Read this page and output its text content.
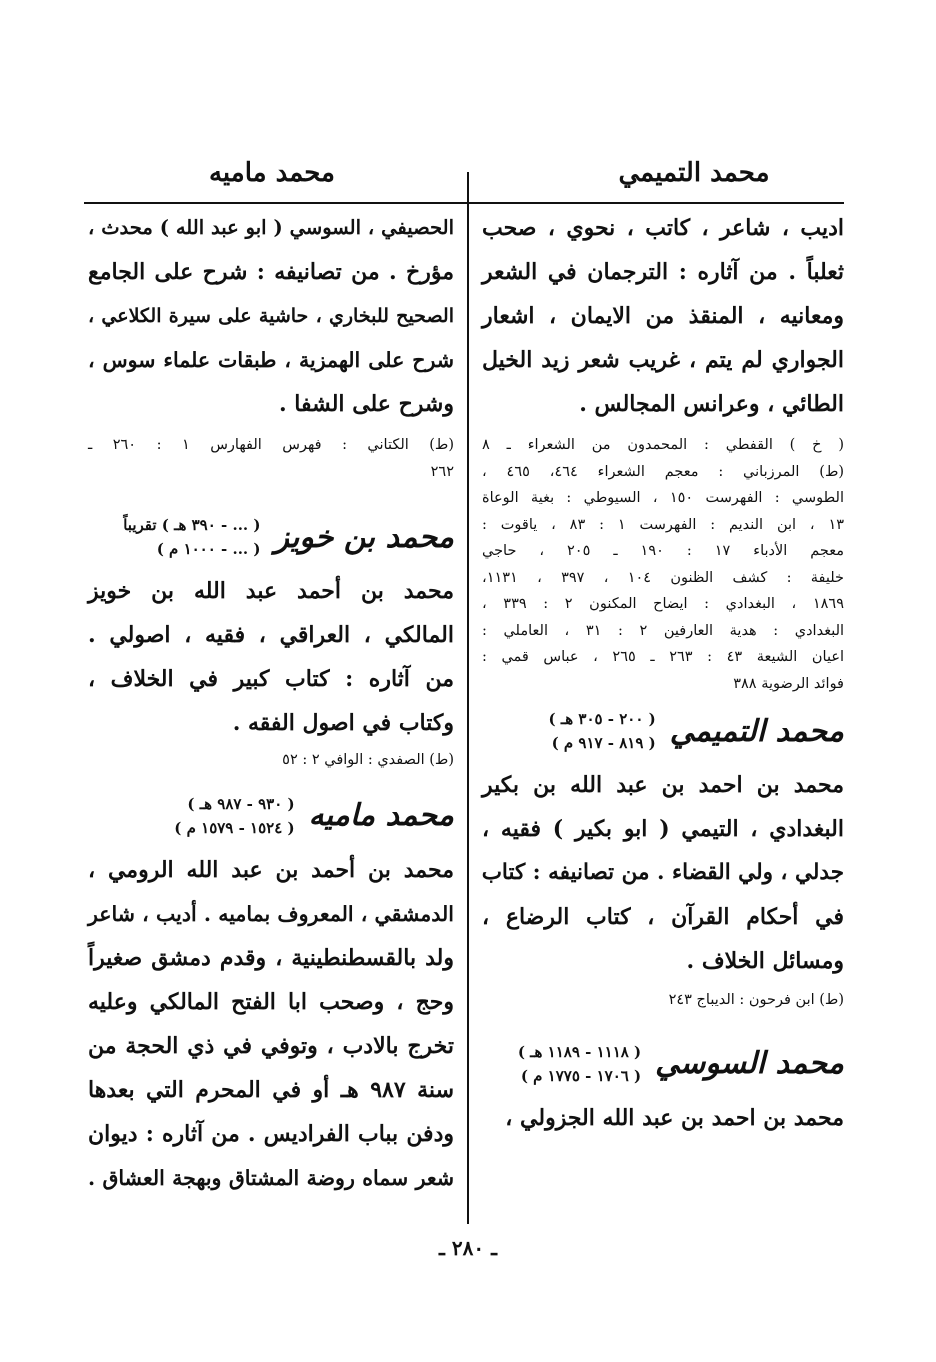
محمد التميمي
محمد ماميه
اديب ، شاعر ، كاتب ، نحوي ، صحب
ثعلباً . من آثاره : الترجمان في الشعر
ومعانيه ، المنقذ من الايمان ، اشعار
الجواري لم يتم ، غريب شعر زيد الخيل
الطائي ، وعرانس المجالس .
( خ ) القفطي : المحمدون من الشعراء ـ ٨
(ط) المرزباني : معجم الشعراء ٤٦٤، ٤٦٥ ،
الطوسي : الفهرست ١٥٠ ، السيوطي : بغية الوعاة
١٣ ، ابن النديم : الفهرست ١ : ٨٣ ، ياقوت :
معجم الأدباء ١٧ : ١٩٠ ـ ٢٠٥ ، حاجي
خليفة : كشف الظنون ١٠٤ ، ٣٩٧ ، ١١٣١،
١٨٦٩ ، البغدادي : ايضاح المكنون ٢ : ٣٣٩ ،
البغدادي : هدية العارفين ٢ : ٣١ ، العاملي :
اعيان الشيعة ٤٣ : ٢٦٣ ـ ٢٦٥ ، عباس قمي :
فوائد الرضوية ٣٨٨
محمد التميمي
( ٢٠٠ - ٣٠٥ هـ )
( ٨١٩ - ٩١٧ م )
محمد بن احمد بن عبد الله بن بكير
البغدادي ، التيمي ( ابو بكير ) فقيه ،
جدلي ، ولي القضاء . من تصانيفه : كتاب
في أحكام القرآن ، كتاب الرضاع ،
ومسائل الخلاف .
(ط) ابن فرحون : الديباج ٢٤٣
محمد السوسي
( ١١١٨ - ١١٨٩ هـ )
( ١٧٠٦ - ١٧٧٥ م )
محمد بن احمد بن عبد الله الجزولي ،
الحصيفي ، السوسي ( ابو عبد الله ) محدث ،
مؤرخ . من تصانيفه : شرح على الجامع
الصحيح للبخاري ، حاشية على سيرة الكلاعي ،
شرح على الهمزية ، طبقات علماء سوس ،
وشرح على الشفا .
(ط) الكتاني : فهرس الفهارس ١ : ٢٦٠ ـ
٢٦٢
محمد بن خويز
( ... - ٣٩٠ هـ ) تقريباً
( ... - ١٠٠٠ م )
محمد بن أحمد عبد الله بن خويز
المالكي ، العراقي ، فقيه ، اصولي .
من آثاره : كتاب كبير في الخلاف ،
وكتاب في اصول الفقه .
(ط) الصفدي : الوافي ٢ : ٥٢
محمد ماميه
( ٩٣٠ - ٩٨٧ هـ )
( ١٥٢٤ - ١٥٧٩ م )
محمد بن أحمد بن عبد الله الرومي ،
الدمشقي ، المعروف بماميه . أديب ، شاعر
ولد بالقسطنطينية ، وقدم دمشق صغيراً
وحج ، وصحب ابا الفتح المالكي وعليه
تخرج بالادب ، وتوفي في ذي الحجة من
سنة ٩٨٧ هـ أو في المحرم التي بعدها
ودفن بباب الفراديس . من آثاره : ديوان
شعر سماه روضة المشتاق وبهجة العشاق .
ـ ٢٨٠ ـ
